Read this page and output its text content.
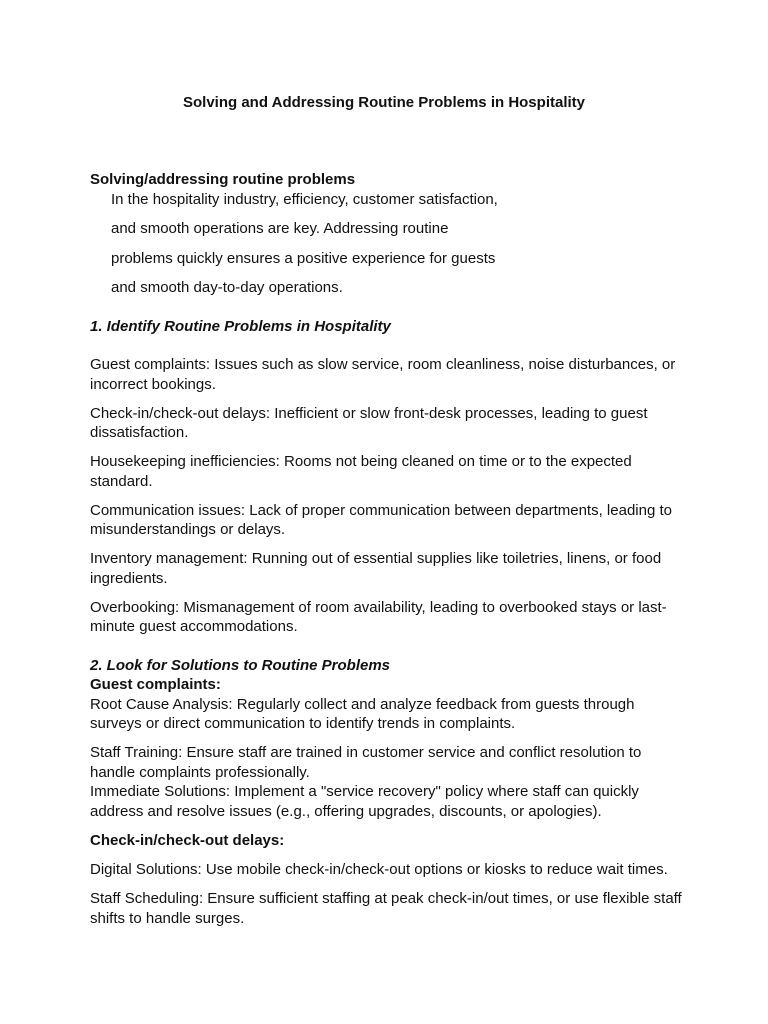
Solving and Addressing Routine Problems in Hospitality

Solving/addressing routine problems

In the hospitality industry, efficiency, customer satisfaction,

and smooth operations are key. Addressing routine

problems quickly ensures a positive experience for guests

and smooth day-to-day operations.

1. Identify Routine Problems in Hospitality

Guest complaints: Issues such as slow service, room cleanliness, noise disturbances, or incorrect bookings.

Check-in/check-out delays: Inefficient or slow front-desk processes, leading to guest dissatisfaction.

Housekeeping inefficiencies: Rooms not being cleaned on time or to the expected standard.

Communication issues: Lack of proper communication between departments, leading to misunderstandings or delays.

Inventory management: Running out of essential supplies like toiletries, linens, or food ingredients.

Overbooking: Mismanagement of room availability, leading to overbooked stays or last-minute guest accommodations.

2. Look for Solutions to Routine Problems

Guest complaints:

Root Cause Analysis: Regularly collect and analyze feedback from guests through surveys or direct communication to identify trends in complaints.

Staff Training: Ensure staff are trained in customer service and conflict resolution to handle complaints professionally.

Immediate Solutions: Implement a "service recovery" policy where staff can quickly address and resolve issues (e.g., offering upgrades, discounts, or apologies).

Check-in/check-out delays:

Digital Solutions: Use mobile check-in/check-out options or kiosks to reduce wait times.

Staff Scheduling: Ensure sufficient staffing at peak check-in/out times, or use flexible staff shifts to handle surges.
